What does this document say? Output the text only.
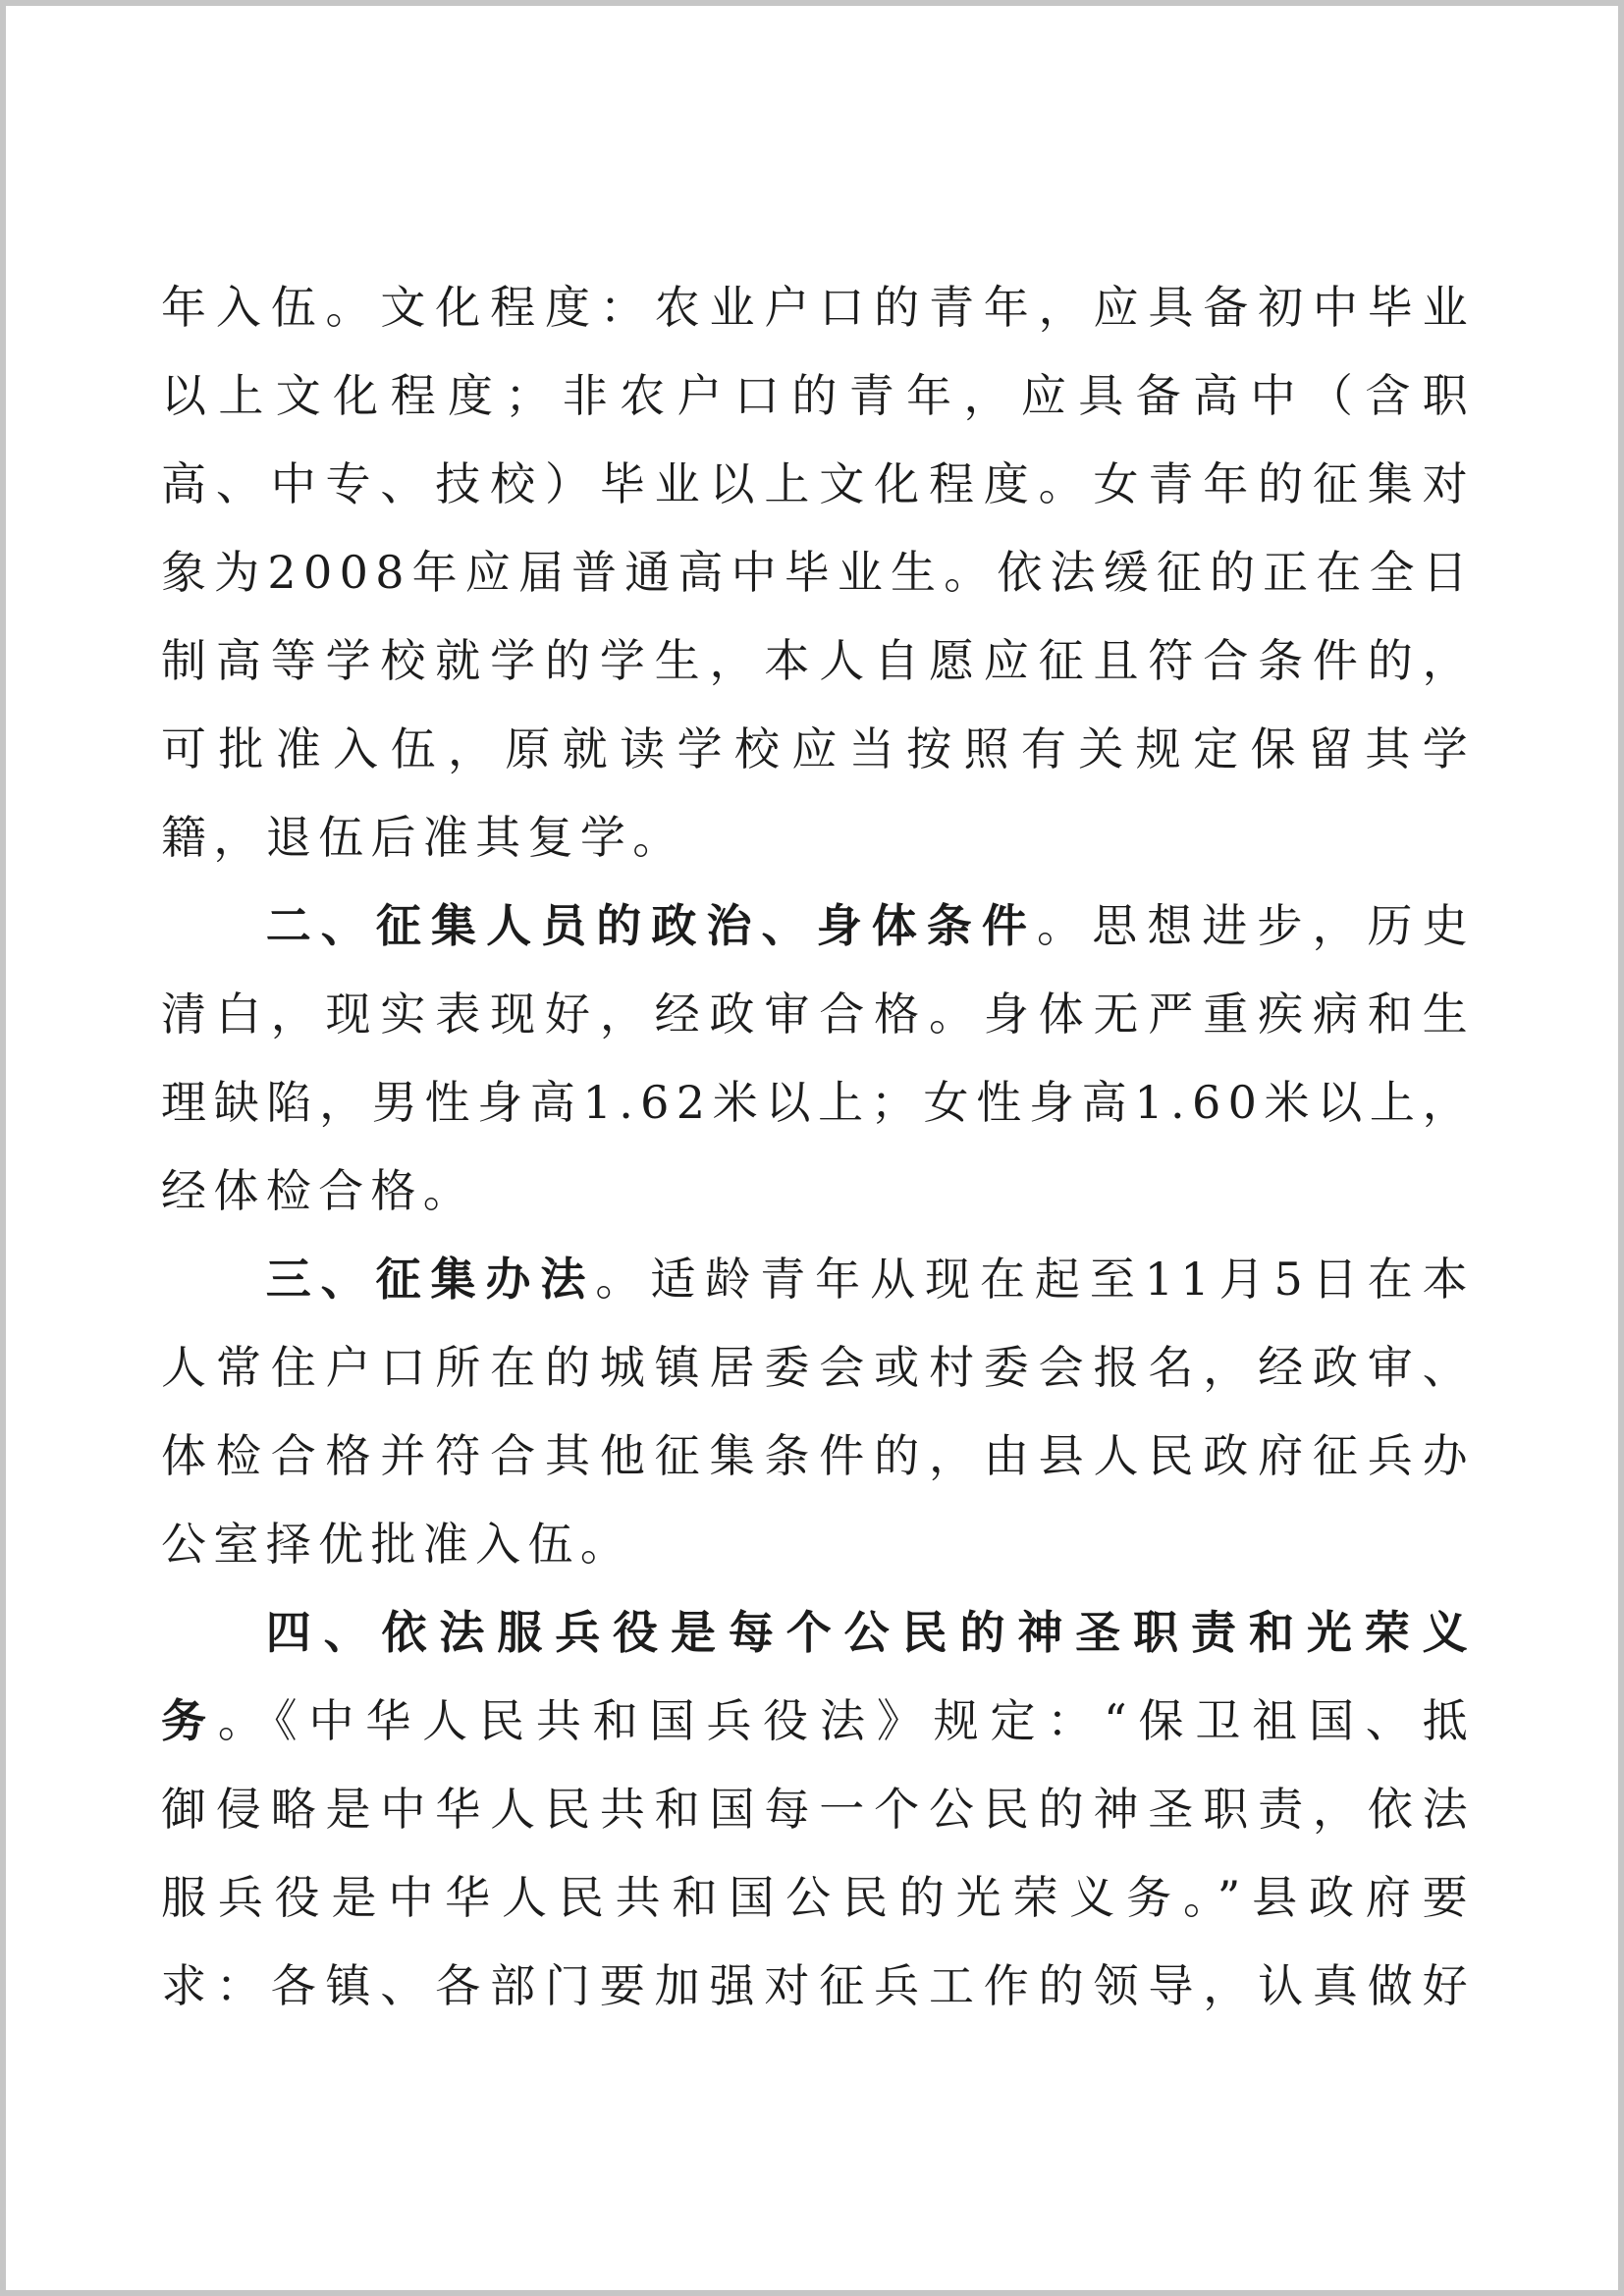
年入伍。文化程度：农业户口的青年，应具备初中毕业
以上文化程度；非农户口的青年，应具备高中（含职
高、中专、技校）毕业以上文化程度。女青年的征集对
象为2008年应届普通高中毕业生。依法缓征的正在全日
制高等学校就学的学生，本人自愿应征且符合条件的，
可批准入伍，原就读学校应当按照有关规定保留其学
籍，退伍后准其复学。
二、征集人员的政治、身体条件。思想进步，历史
清白，现实表现好，经政审合格。身体无严重疾病和生
理缺陷，男性身高1.62米以上；女性身高1.60米以上，
经体检合格。
三、征集办法。适龄青年从现在起至11月5日在本
人常住户口所在的城镇居委会或村委会报名，经政审、
体检合格并符合其他征集条件的，由县人民政府征兵办
公室择优批准入伍。
四、依法服兵役是每个公民的神圣职责和光荣义
务。《中华人民共和国兵役法》规定：“保卫祖国、抵
御侵略是中华人民共和国每一个公民的神圣职责，依法
服兵役是中华人民共和国公民的光荣义务。”县政府要
求：各镇、各部门要加强对征兵工作的领导，认真做好
